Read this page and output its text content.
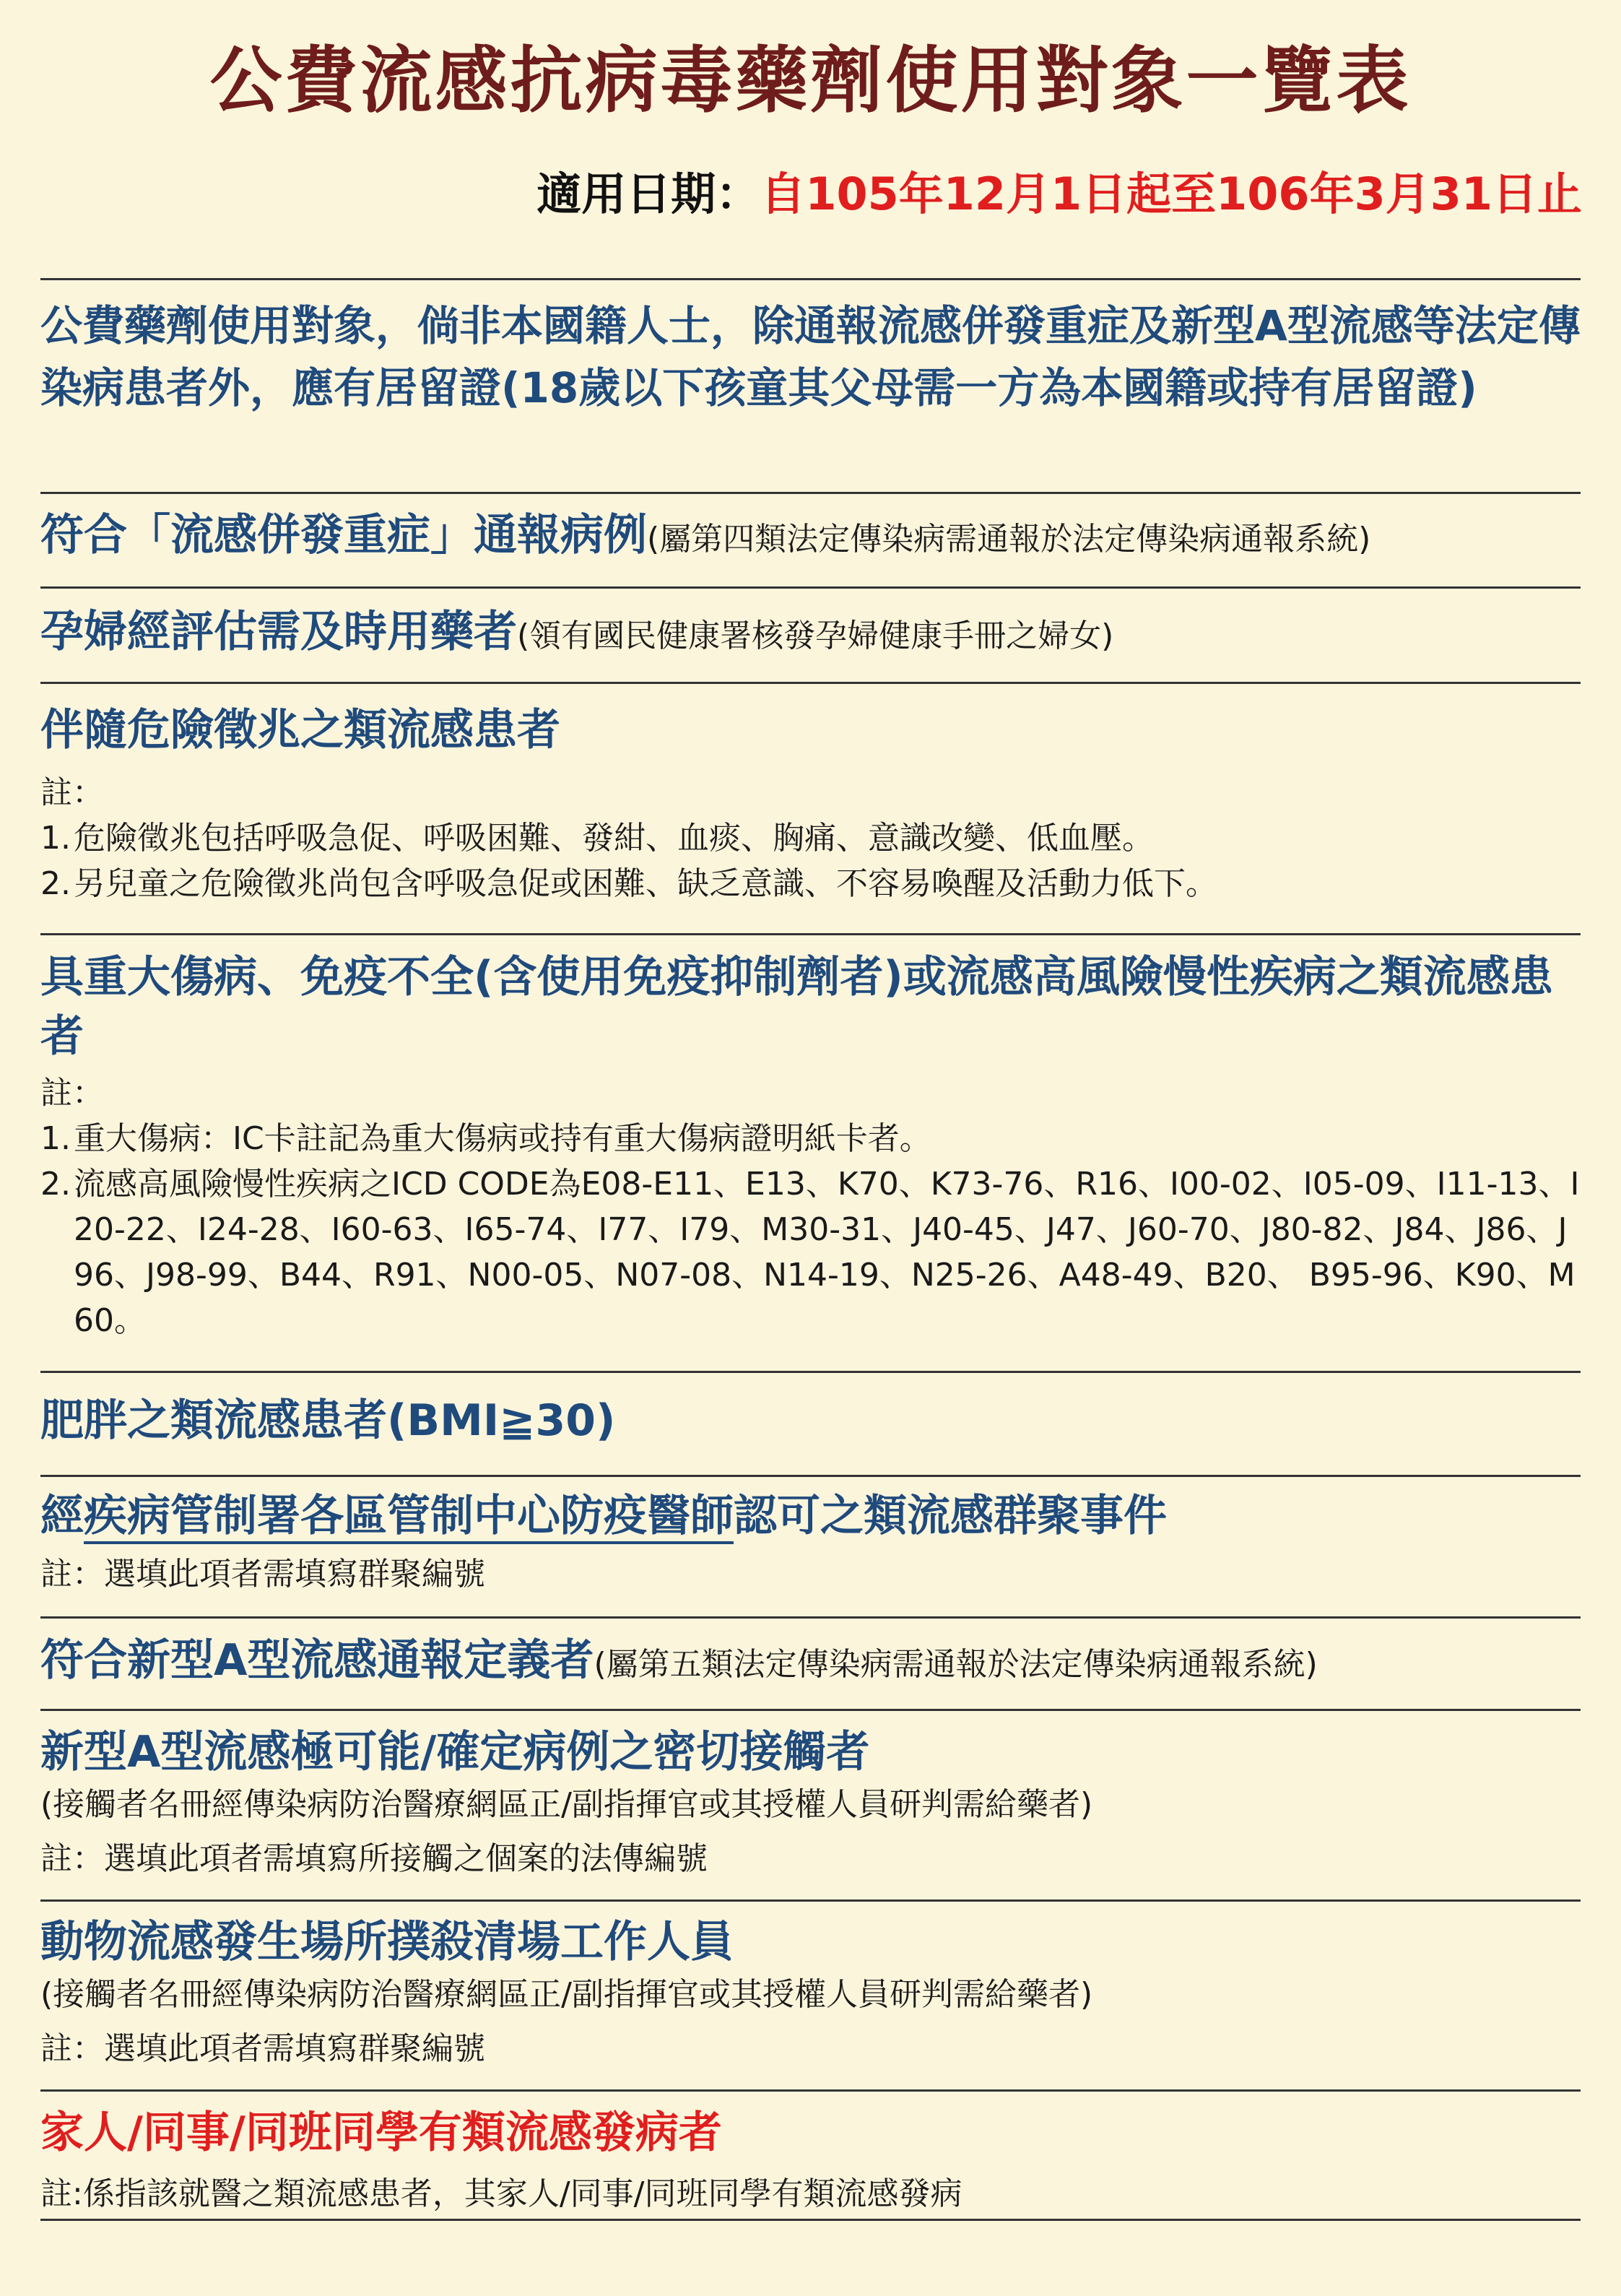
公費流感抗病毒藥劑使用對象一覽表
適用日期：自105年12月1日起至106年3月31日止

公費藥劑使用對象，倘非本國籍人士，除通報流感併發重症及新型A型流感等法定傳染病患者外，應有居留證(18歲以下孩童其父母需一方為本國籍或持有居留證)

符合「流感併發重症」通報病例(屬第四類法定傳染病需通報於法定傳染病通報系統)

孕婦經評估需及時用藥者(領有國民健康署核發孕婦健康手冊之婦女)

伴隨危險徵兆之類流感患者

註：

1. 危險徵兆包括呼吸急促、呼吸困難、發紺、血痰、胸痛、意識改變、低血壓。
2. 另兒童之危險徵兆尚包含呼吸急促或困難、缺乏意識、不容易喚醒及活動力低下。

具重大傷病、免疫不全(含使用免疫抑制劑者)或流感高風險慢性疾病之類流感患者

註：

1. 重大傷病：IC卡註記為重大傷病或持有重大傷病證明紙卡者。
2. 流感高風險慢性疾病之ICD CODE為E08-E11、E13、K70、K73-76、R16、I00-02、I05-09、I11-13、I20-22、I24-28、I60-63、I65-74、I77、I79、M30-31、J40-45、J47、J60-70、J80-82、J84、J86、J96、J98-99、B44、R91、N00-05、N07-08、N14-19、N25-26、A48-49、B20、 B95-96、K90、M60。

肥胖之類流感患者(BMI≧30)

經疾病管制署各區管制中心防疫醫師認可之類流感群聚事件

註：選填此項者需填寫群聚編號

符合新型A型流感通報定義者(屬第五類法定傳染病需通報於法定傳染病通報系統)

新型A型流感極可能/確定病例之密切接觸者

(接觸者名冊經傳染病防治醫療網區正/副指揮官或其授權人員研判需給藥者)

註：選填此項者需填寫所接觸之個案的法傳編號

動物流感發生場所撲殺清場工作人員

(接觸者名冊經傳染病防治醫療網區正/副指揮官或其授權人員研判需給藥者)

註：選填此項者需填寫群聚編號

家人/同事/同班同學有類流感發病者

註:係指該就醫之類流感患者，其家人/同事/同班同學有類流感發病
